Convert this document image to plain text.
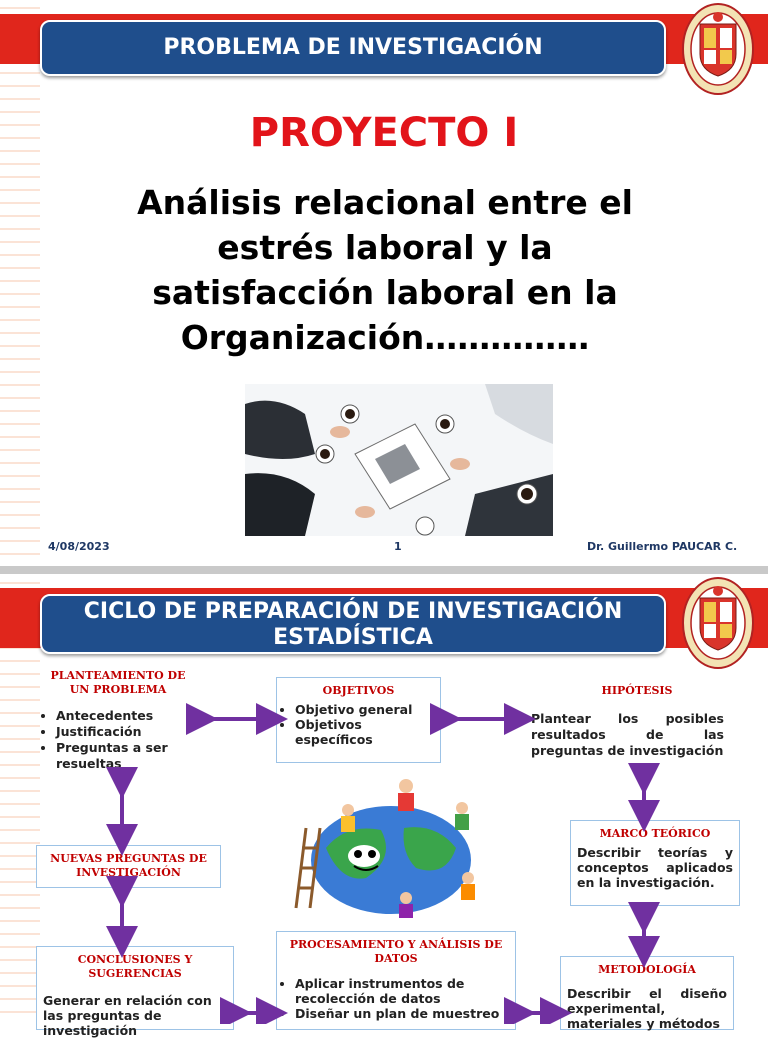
PROBLEMA DE INVESTIGACIÓN
PROYECTO I
Análisis relacional entre el
estrés laboral y la
satisfacción laboral en la
Organización……………
4/08/2023	1	Dr. Guillermo PAUCAR C.
CICLO DE PREPARACIÓN DE INVESTIGACIÓN
ESTADÍSTICA
PLANTEAMIENTO DE
UN PROBLEMA
• Antecedentes
• Justificación
• Preguntas a ser resueltas
OBJETIVOS
• Objetivo general
• Objetivos específicos
HIPÓTESIS
Plantear los posibles resultados de las preguntas de investigación
NUEVAS PREGUNTAS DE
INVESTIGACIÓN
MARCO TEÓRICO

Describir teorías y conceptos aplicados en la investigación.

CONCLUSIONES Y
SUGERENCIAS

Generar en relación con las preguntas de investigación

PROCESAMIENTO Y ANÁLISIS DE
DATOS
• Aplicar instrumentos de recolección de datos
• Diseñar un plan de muestreo
METODOLOGÍA

Describir el diseño experimental, materiales y métodos
